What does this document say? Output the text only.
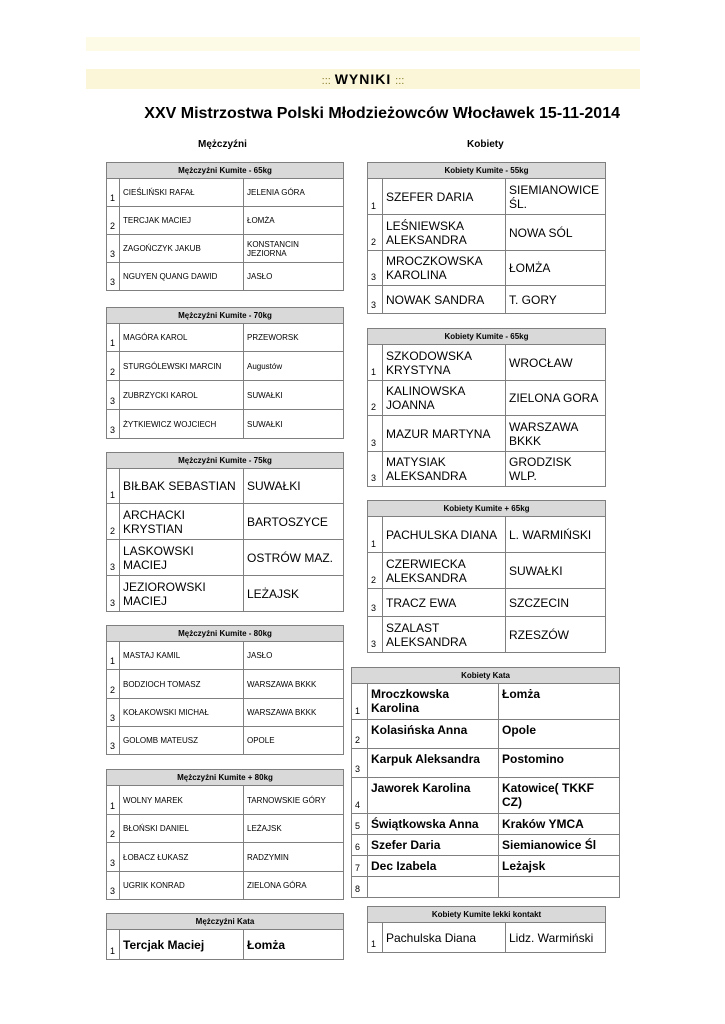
::: WYNIKI :::
XXV Mistrzostwa Polski Młodzieżowców Włocławek 15-11-2014
Mężczyźni	Kobiety
Mężczyźni Kumite - 65kg		
1	CIEŚLIŃSKI RAFAŁ	JELENIA GÓRA
2	TERCJAK MACIEJ	ŁOMŻA
3	ZAGOŃCZYK JAKUB	KONSTANCIN JEZIORNA
3	NGUYEN QUANG DAWID	JASŁO
Mężczyźni Kumite - 70kg		
1	MAGÓRA KAROL	PRZEWORSK
2	STURGÓLEWSKI MARCIN	Augustów
3	ZUBRZYCKI KAROL	SUWAŁKI
3	ŻYTKIEWICZ WOJCIECH	SUWAŁKI
Mężczyźni Kumite - 75kg		
1	BIŁBAK SEBASTIAN	SUWAŁKI
2	ARCHACKI KRYSTIAN	BARTOSZYCE
3	LASKOWSKI MACIEJ	OSTRÓW MAZ.
3	JEZIOROWSKI MACIEJ	LEŻAJSK
Mężczyźni Kumite - 80kg		
1	MASTAJ KAMIL	JASŁO
2	BODZIOCH TOMASZ	WARSZAWA BKKK
3	KOŁAKOWSKI MICHAŁ	WARSZAWA BKKK
3	GOLOMB MATEUSZ	OPOLE
Mężczyźni Kumite + 80kg		
1	WOLNY MAREK	TARNOWSKIE GÓRY
2	BŁOŃSKI DANIEL	LEŻAJSK
3	ŁOBACZ ŁUKASZ	RADZYMIN
3	UGRIK KONRAD	ZIELONA GÓRA
Mężczyźni Kata
1	Tercjak Maciej	Łomża
Kobiety Kumite - 55kg		
1	SZEFER DARIA	SIEMIANOWICE ŚL.
2	LEŚNIEWSKA ALEKSANDRA	NOWA SÓL
3	MROCZKOWSKA KAROLINA	ŁOMŻA
3	NOWAK SANDRA	T. GORY
Kobiety Kumite - 65kg		
1	SZKODOWSKA KRYSTYNA	WROCŁAW
2	KALINOWSKA JOANNA	ZIELONA GORA
3	MAZUR MARTYNA	WARSZAWA BKKK
3	MATYSIAK ALEKSANDRA	GRODZISK WLP.
Kobiety Kumite + 65kg		
1	PACHULSKA DIANA	L. WARMIŃSKI
2	CZERWIECKA ALEKSANDRA	SUWAŁKI
3	TRACZ EWA	SZCZECIN
3	SZALAST ALEKSANDRA	RZESZÓW
Kobiety Kata		
1	Mroczkowska Karolina	Łomża
2	Kolasińska Anna	Opole
3	Karpuk Aleksandra	Postomino
4	Jaworek Karolina	Katowice( TKKF CZ)
5	Świątkowska Anna	Kraków YMCA
6	Szefer Daria	Siemianowice Śl
7	Dec Izabela	Leżajsk
8		
Kobiety Kumite lekki kontakt
1	Pachulska Diana	Lidz. Warmiński
